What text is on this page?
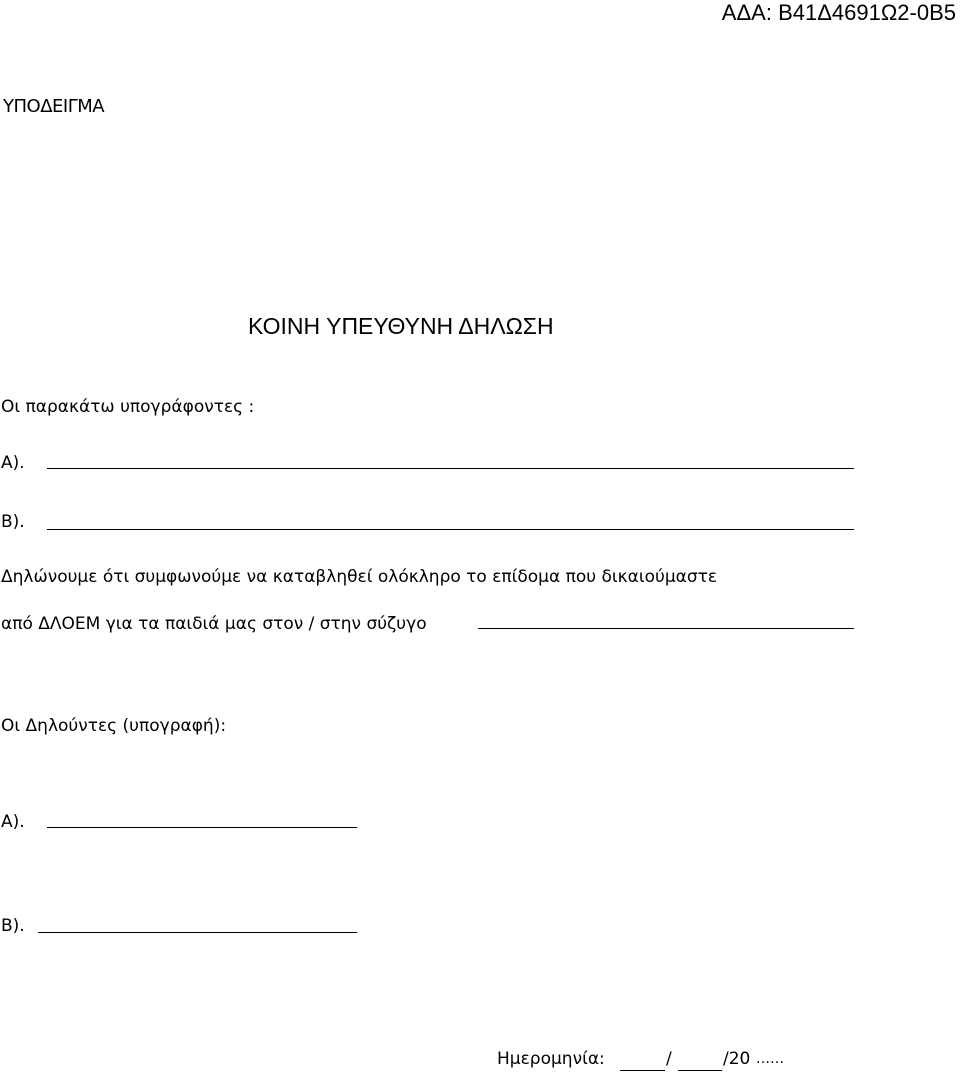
ΑΔΑ: Β41Δ4691Ω2-0Β5
ΥΠΟΔΕΙΓΜΑ
ΚΟΙΝΗ ΥΠΕΥΘΥΝΗ ΔΗΛΩΣΗ
Οι παρακάτω υπογράφοντες :
Α).
Β).
Δηλώνουμε ότι συμφωνούμε να καταβληθεί ολόκληρο το επίδομα που δικαιούμαστε
από ΔΛΟΕΜ για τα παιδιά μας στον / στην σύζυγο
Οι Δηλούντες (υπογραφή):
Α).
Β).
Ημερομηνία:	/	/20 ……
